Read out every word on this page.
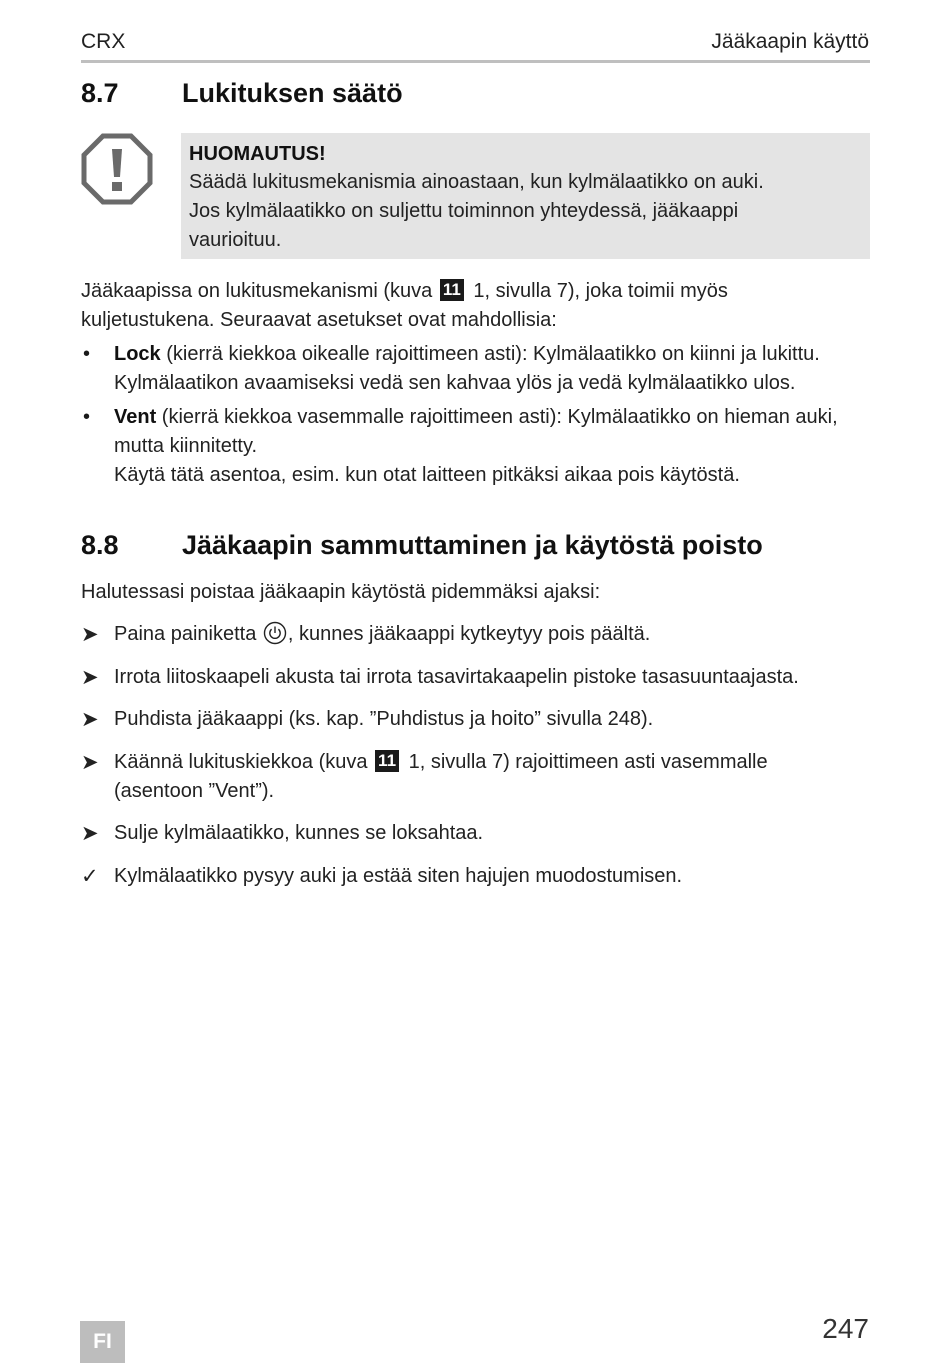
CRX	Jääkaapin käyttö
8.7 Lukituksen säätö
HUOMAUTUS!
Säädä lukitusmekanismia ainoastaan, kun kylmälaatikko on auki.
Jos kylmälaatikko on suljettu toiminnon yhteydessä, jääkaappi
vaurioituu.
Jääkaapissa on lukitusmekanismi (kuva 11 1, sivulla 7), joka toimii myös
kuljetustukena. Seuraavat asetukset ovat mahdollisia:
• Lock (kierrä kiekkoa oikealle rajoittimeen asti): Kylmälaatikko on kiinni ja lukittu.
Kylmälaatikon avaamiseksi vedä sen kahvaa ylös ja vedä kylmälaatikko ulos.
• Vent (kierrä kiekkoa vasemmalle rajoittimeen asti): Kylmälaatikko on hieman auki,
mutta kiinnitetty.
Käytä tätä asentoa, esim. kun otat laitteen pitkäksi aikaa pois käytöstä.
8.8 Jääkaapin sammuttaminen ja käytöstä poisto
Halutessasi poistaa jääkaapin käytöstä pidemmäksi ajaksi:
➤ Paina painiketta , kunnes jääkaappi kytkeytyy pois päältä.
➤ Irrota liitoskaapeli akusta tai irrota tasavirtakaapelin pistoke tasasuuntaajasta.
➤ Puhdista jääkaappi (ks. kap. ”Puhdistus ja hoito” sivulla 248).
➤ Käännä lukituskiekkoa (kuva 11 1, sivulla 7) rajoittimeen asti vasemmalle
(asentoon ”Vent”).
➤ Sulje kylmälaatikko, kunnes se loksahtaa.
✓ Kylmälaatikko pysyy auki ja estää siten hajujen muodostumisen.
FI	247
